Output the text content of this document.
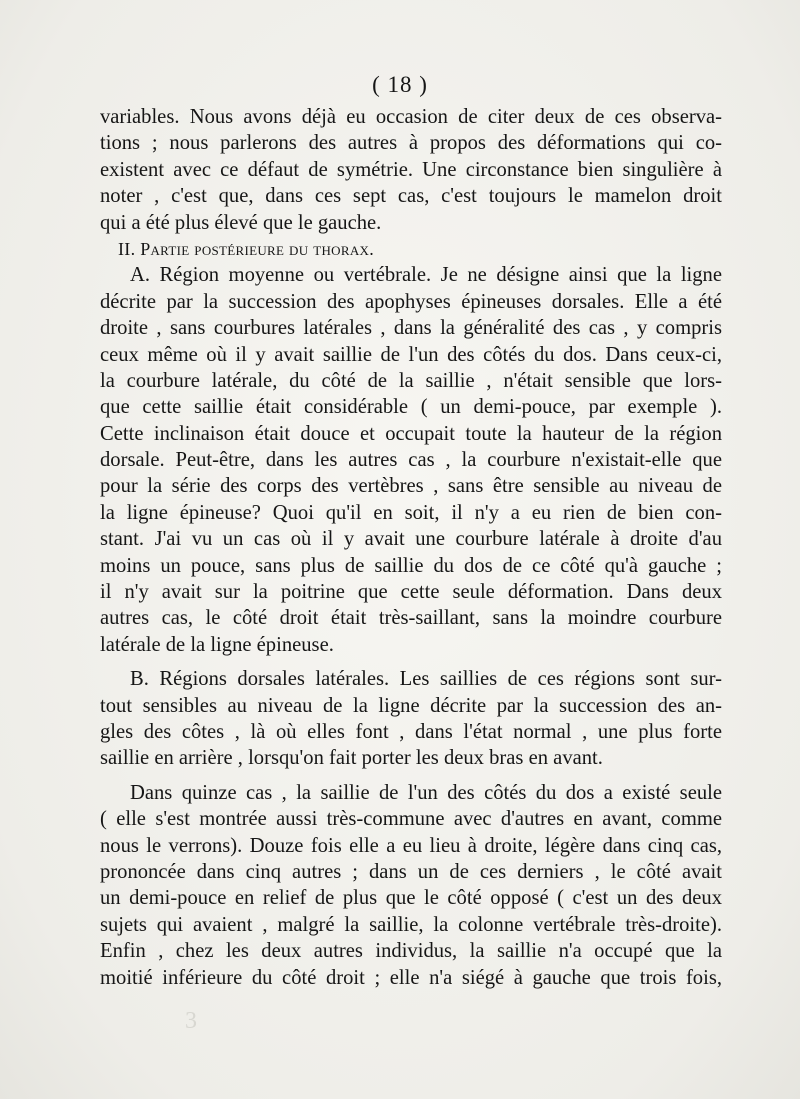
( 18 )
variables. Nous avons déjà eu occasion de citer deux de ces observa-
tions ; nous parlerons des autres à propos des déformations qui co-
existent avec ce défaut de symétrie. Une circonstance bien singulière à
noter , c'est que, dans ces sept cas, c'est toujours le mamelon droit
qui a été plus élevé que le gauche.
II. Partie postérieure du thorax.
A. Région moyenne ou vertébrale. Je ne désigne ainsi que la ligne
décrite par la succession des apophyses épineuses dorsales. Elle a été
droite , sans courbures latérales , dans la généralité des cas , y compris
ceux même où il y avait saillie de l'un des côtés du dos. Dans ceux-ci,
la courbure latérale, du côté de la saillie , n'était sensible que lors-
que cette saillie était considérable ( un demi-pouce, par exemple ).
Cette inclinaison était douce et occupait toute la hauteur de la région
dorsale. Peut-être, dans les autres cas , la courbure n'existait-elle que
pour la série des corps des vertèbres , sans être sensible au niveau de
la ligne épineuse? Quoi qu'il en soit, il n'y a eu rien de bien con-
stant. J'ai vu un cas où il y avait une courbure latérale à droite d'au
moins un pouce, sans plus de saillie du dos de ce côté qu'à gauche ;
il n'y avait sur la poitrine que cette seule déformation. Dans deux
autres cas, le côté droit était très-saillant, sans la moindre courbure
latérale de la ligne épineuse.
B. Régions dorsales latérales. Les saillies de ces régions sont sur-
tout sensibles au niveau de la ligne décrite par la succession des an-
gles des côtes , là où elles font , dans l'état normal , une plus forte
saillie en arrière , lorsqu'on fait porter les deux bras en avant.
Dans quinze cas , la saillie de l'un des côtés du dos a existé seule
( elle s'est montrée aussi très-commune avec d'autres en avant, comme
nous le verrons). Douze fois elle a eu lieu à droite, légère dans cinq cas,
prononcée dans cinq autres ; dans un de ces derniers , le côté avait
un demi-pouce en relief de plus que le côté opposé ( c'est un des deux
sujets qui avaient , malgré la saillie, la colonne vertébrale très-droite).
Enfin , chez les deux autres individus, la saillie n'a occupé que la
moitié inférieure du côté droit ; elle n'a siégé à gauche que trois fois,
3
